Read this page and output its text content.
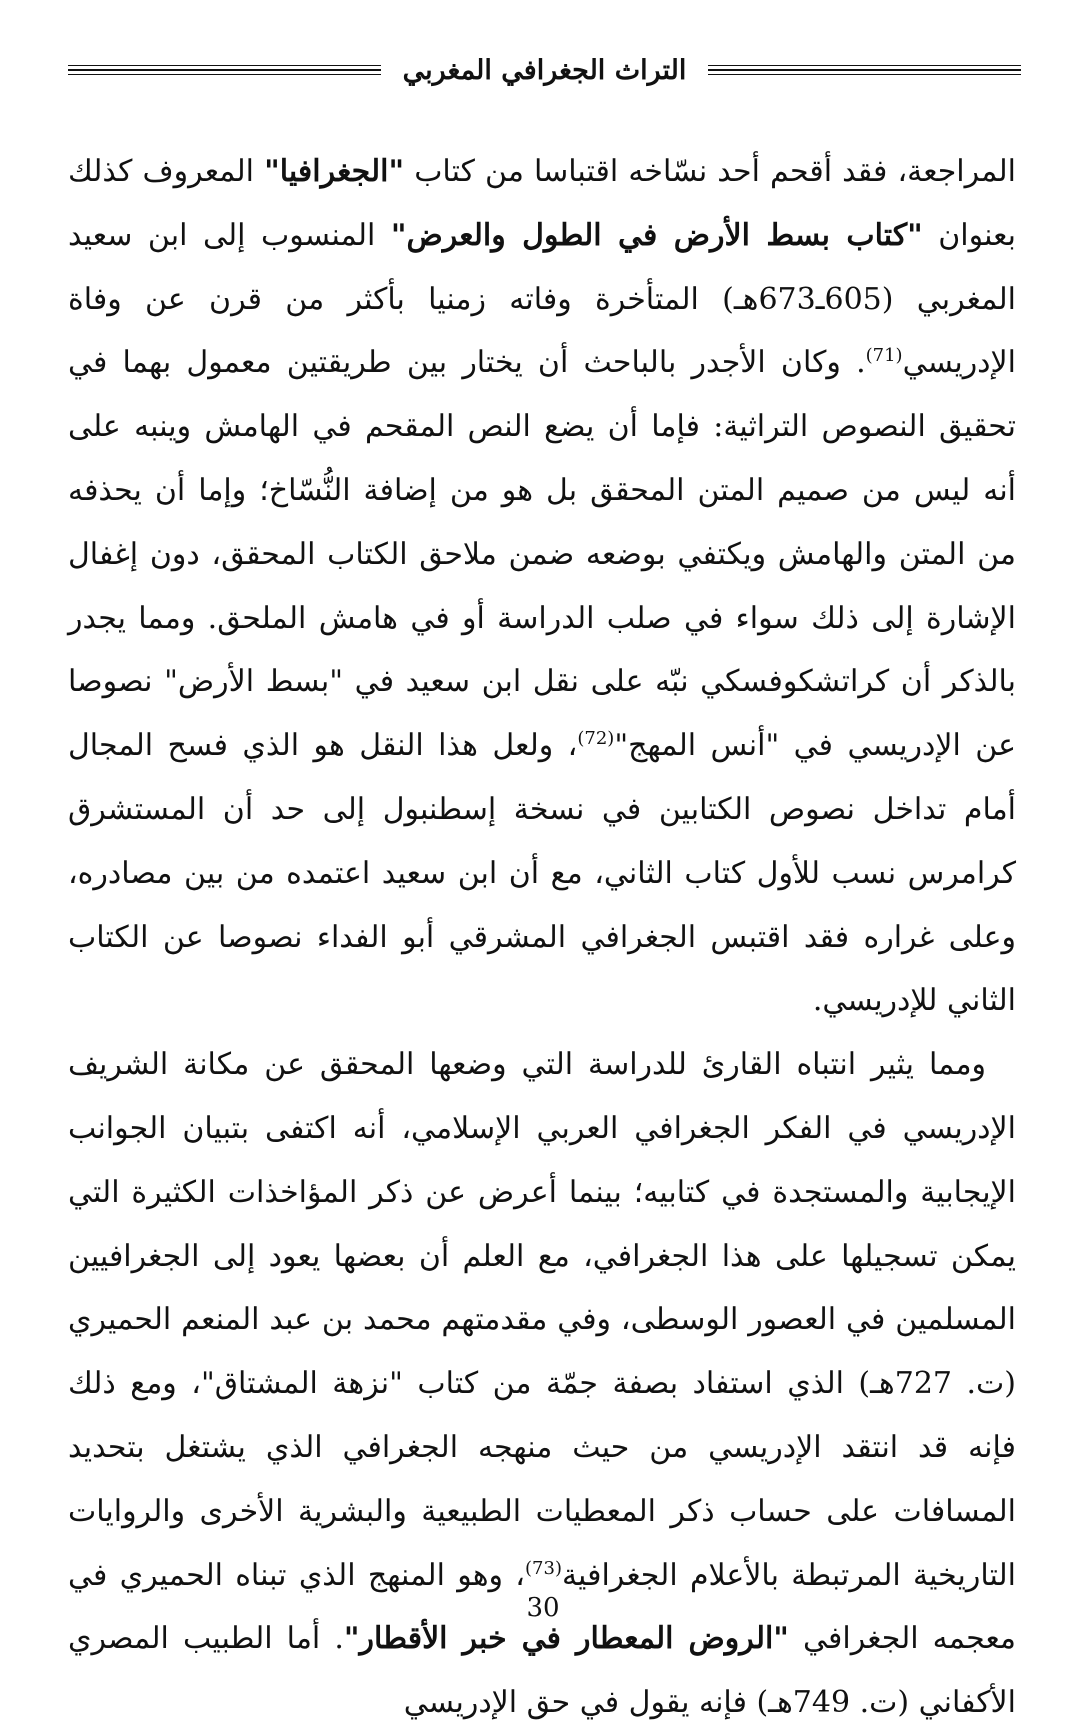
التراث الجغرافي المغربي

المراجعة، فقد أقحم أحد نسّاخه اقتباسا من كتاب "الجغرافيا" المعروف كذلك بعنوان "كتاب بسط الأرض في الطول والعرض" المنسوب إلى ابن سعيد المغربي (605ـ673هـ) المتأخرة وفاته زمنيا بأكثر من قرن عن وفاة الإدريسي$^{(71)}$. وكان الأجدر بالباحث أن يختار بين طريقتين معمول بهما في تحقيق النصوص التراثية: فإما أن يضع النص المقحم في الهامش وينبه على أنه ليس من صميم المتن المحقق بل هو من إضافة النُّسّاخ؛ وإما أن يحذفه من المتن والهامش ويكتفي بوضعه ضمن ملاحق الكتاب المحقق، دون إغفال الإشارة إلى ذلك سواء في صلب الدراسة أو في هامش الملحق. ومما يجدر بالذكر أن كراتشكوفسكي نبّه على نقل ابن سعيد في "بسط الأرض" نصوصا عن الإدريسي في "أنس المهج"$^{(72)}$، ولعل هذا النقل هو الذي فسح المجال أمام تداخل نصوص الكتابين في نسخة إسطنبول إلى حد أن المستشرق كرامرس نسب للأول كتاب الثاني، مع أن ابن سعيد اعتمده من بين مصادره، وعلى غراره فقد اقتبس الجغرافي المشرقي أبو الفداء نصوصا عن الكتاب الثاني للإدريسي.

ومما يثير انتباه القارئ للدراسة التي وضعها المحقق عن مكانة الشريف الإدريسي في الفكر الجغرافي العربي الإسلامي، أنه اكتفى بتبيان الجوانب الإيجابية والمستجدة في كتابيه؛ بينما أعرض عن ذكر المؤاخذات الكثيرة التي يمكن تسجيلها على هذا الجغرافي، مع العلم أن بعضها يعود إلى الجغرافيين المسلمين في العصور الوسطى، وفي مقدمتهم محمد بن عبد المنعم الحميري (ت. 727هـ) الذي استفاد بصفة جمّة من كتاب "نزهة المشتاق"، ومع ذلك فإنه قد انتقد الإدريسي من حيث منهجه الجغرافي الذي يشتغل بتحديد المسافات على حساب ذكر المعطيات الطبيعية والبشرية الأخرى والروايات التاريخية المرتبطة بالأعلام الجغرافية$^{(73)}$، وهو المنهج الذي تبناه الحميري في معجمه الجغرافي "الروض المعطار في خبر الأقطار". أما الطبيب المصري الأكفاني (ت. 749هـ) فإنه يقول في حق الإدريسي

30
